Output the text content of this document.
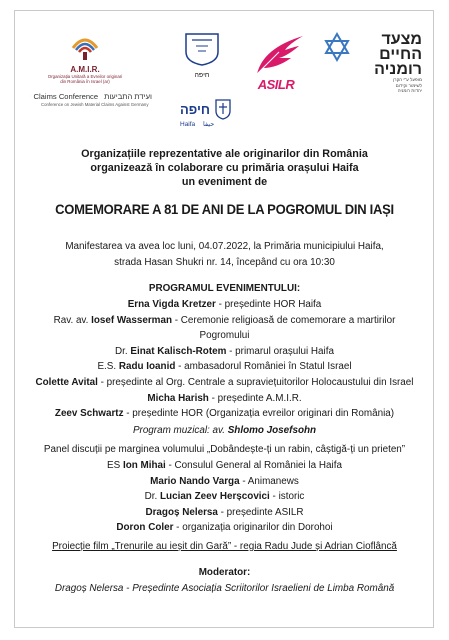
A.M.I.R.
Organizația Unitară a Evreilor originari
din România în Israel (ar)
Claims Conference ועידת התביעות
Conference on Jewish Material Claims Against Germany
חיפה
ASILR
מצעד
החיים
רומניה
מופעל ע"י הקרן
לשימור וקידום
יהדות רומניה
חיפה
Haifa حيفا
Organizațiile reprezentative ale originarilor din România
organizează în colaborare cu primăria orașului Haifa
un eveniment de
COMEMORARE A 81 DE ANI DE LA POGROMUL DIN IAȘI
Manifestarea va avea loc luni, 04.07.2022, la Primăria municipiului Haifa,
strada Hasan Shukri nr. 14, începând cu ora 10:30
PROGRAMUL EVENIMENTULUI:
Erna Vigda Kretzer - președinte HOR Haifa
Rav. av. Iosef Wasserman - Ceremonie religioasă de comemorare a martirilor
Pogromului
Dr. Einat Kalisch-Rotem - primarul orașului Haifa
E.S. Radu Ioanid - ambasadorul României în Statul Israel
Colette Avital - președinte al Org. Centrale a supraviețuitorilor Holocaustului din Israel
Micha Harish - președinte A.M.I.R.
Zeev Schwartz - președinte HOR (Organizația evreilor originari din România)
Program muzical: av. Shlomo Josefsohn
Panel discuții pe marginea volumului „Dobândește-ți un rabin, câștigă-ți un prieten”
ES Ion Mihai - Consulul General al României la Haifa
Mario Nando Varga - Animanews
Dr. Lucian Zeev Herșcovici - istoric
Dragoș Nelersa - președinte ASILR
Doron Coler - organizația originarilor din Dorohoi
Proiecție film „Trenurile au ieșit din Gară” - regia Radu Jude și Adrian Cioflâncă
Moderator:
Dragoș Nelersa - Președinte Asociația Scriitorilor Israelieni de Limba Română
